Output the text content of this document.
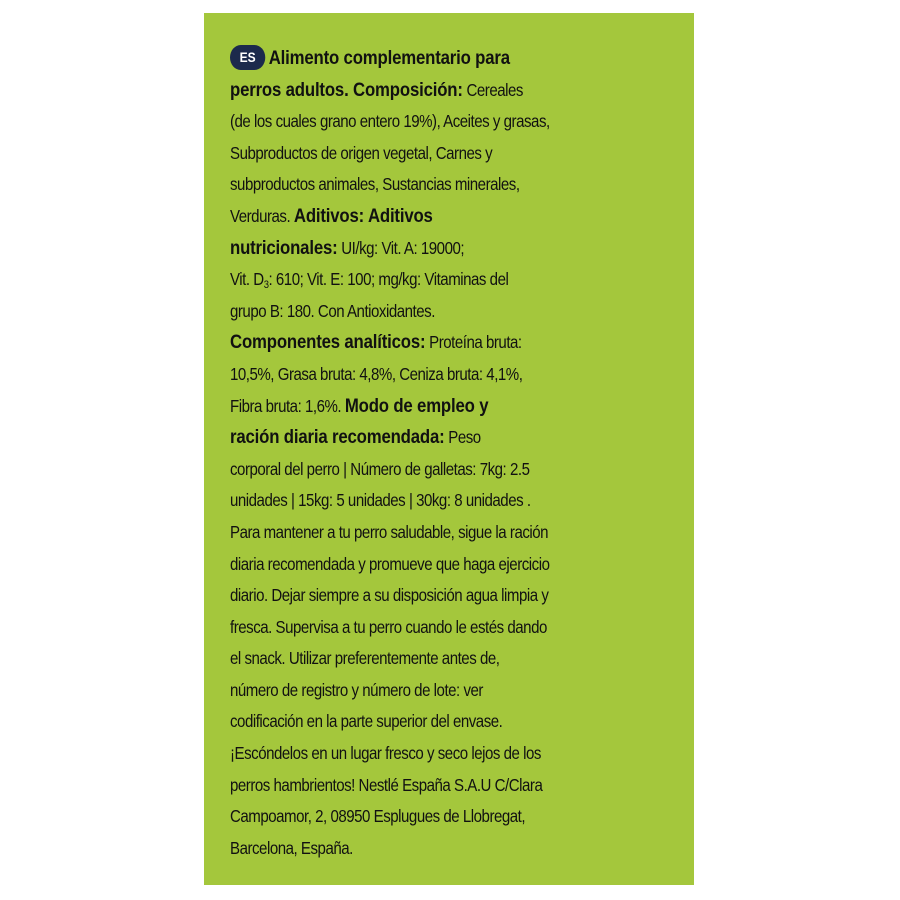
ES Alimento complementario para
perros adultos. Composición: Cereales
(de los cuales grano entero 19%), Aceites y grasas,
Subproductos de origen vegetal, Carnes y
subproductos animales, Sustancias minerales,
Verduras. Aditivos: Aditivos
nutricionales: UI/kg: Vit. A: 19000;
Vit. $D_3$: 610; Vit. E: 100; mg/kg: Vitaminas del
grupo B: 180. Con Antioxidantes.
Componentes analíticos: Proteína bruta:
10,5%, Grasa bruta: 4,8%, Ceniza bruta: 4,1%,
Fibra bruta: 1,6%. Modo de empleo y
ración diaria recomendada: Peso
corporal del perro | Número de galletas: 7kg: 2.5
unidades | 15kg: 5 unidades | 30kg: 8 unidades .
Para mantener a tu perro saludable, sigue la ración
diaria recomendada y promueve que haga ejercicio
diario. Dejar siempre a su disposición agua limpia y
fresca. Supervisa a tu perro cuando le estés dando
el snack. Utilizar preferentemente antes de,
número de registro y número de lote: ver
codificación en la parte superior del envase.
¡Escóndelos en un lugar fresco y seco lejos de los
perros hambrientos! Nestlé España S.A.U C/Clara
Campoamor, 2, 08950 Esplugues de Llobregat,
Barcelona, España.
